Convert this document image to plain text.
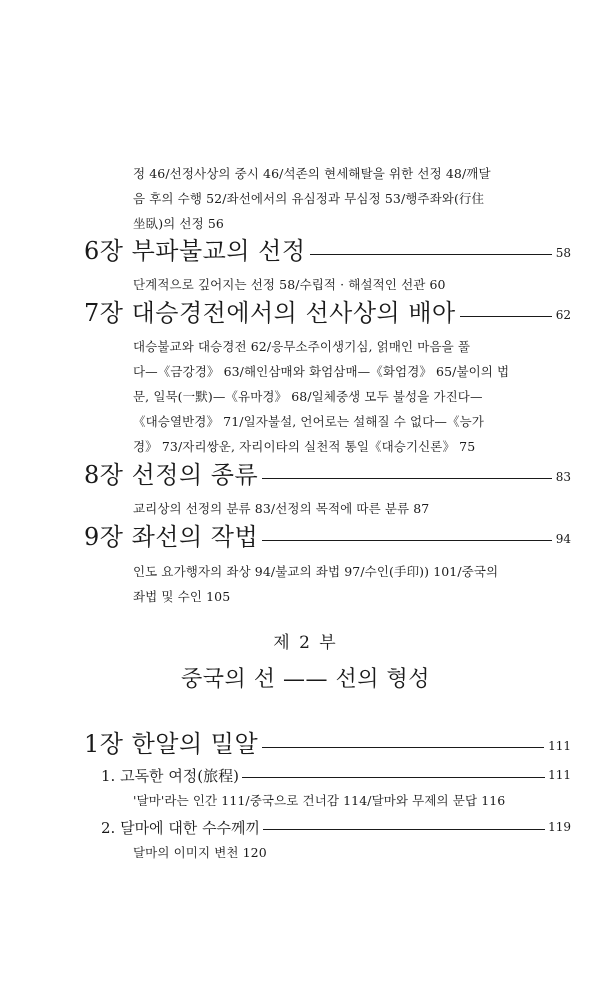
정 46/선정사상의 중시 46/석존의 현세해탈을 위한 선정 48/깨달
음 후의 수행 52/좌선에서의 유심정과 무심정 53/행주좌와(行住
坐臥)의 선정 56
6장 부파불교의 선정	58
단계적으로 깊어지는 선정 58/수립적 · 해설적인 선관 60
7장 대승경전에서의 선사상의 배아	62
대승불교와 대승경전 62/응무소주이생기심, 얽매인 마음을 풀
다—《금강경》 63/해인삼매와 화엄삼매—《화엄경》 65/불이의 법
문, 일묵(一默)—《유마경》 68/일체중생 모두 불성을 가진다—
《대승열반경》 71/일자불설, 언어로는 설해질 수 없다—《능가
경》 73/자리쌍운, 자리이타의 실천적 통일《대승기신론》 75
8장 선정의 종류	83
교리상의 선정의 분류 83/선정의 목적에 따른 분류 87
9장 좌선의 작법	94
인도 요가행자의 좌상 94/불교의 좌법 97/수인(手印)) 101/중국의
좌법 및 수인 105
제 2 부
중국의 선 —— 선의 형성
1장 한알의 밀알	111
1. 고독한 여정(旅程)	111
'달마'라는 인간 111/중국으로 건너감 114/달마와 무제의 문답 116
2. 달마에 대한 수수께끼	119
달마의 이미지 변천 120
